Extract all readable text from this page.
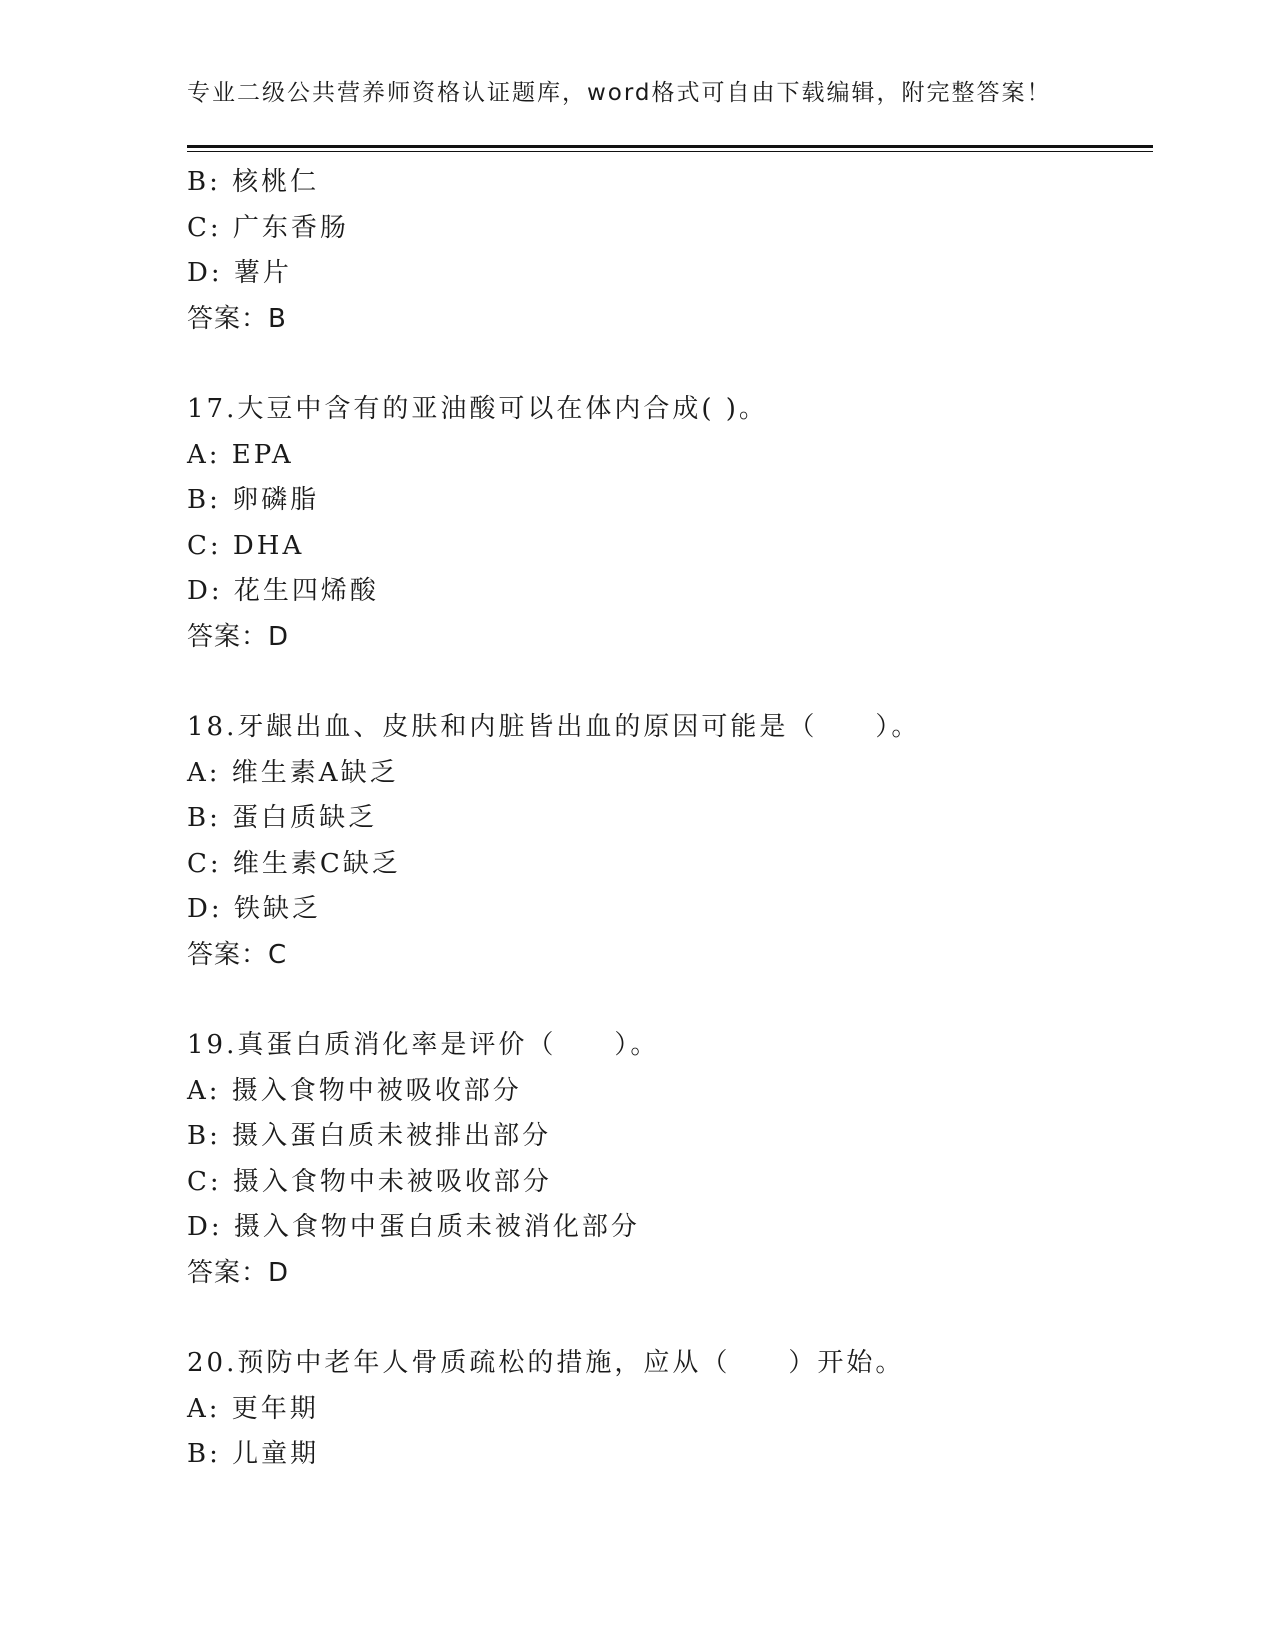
专业二级公共营养师资格认证题库，word格式可自由下载编辑，附完整答案！
B: 核桃仁
C: 广东香肠
D: 薯片
答案：B
17.大豆中含有的亚油酸可以在体内合成( )。
A: EPA
B: 卵磷脂
C: DHA
D: 花生四烯酸
答案：D
18.牙龈出血、皮肤和内脏皆出血的原因可能是（　　）。
A: 维生素A缺乏
B: 蛋白质缺乏
C: 维生素C缺乏
D: 铁缺乏
答案：C
19.真蛋白质消化率是评价（　　）。
A: 摄入食物中被吸收部分
B: 摄入蛋白质未被排出部分
C: 摄入食物中未被吸收部分
D: 摄入食物中蛋白质未被消化部分
答案：D
20.预防中老年人骨质疏松的措施，应从（　　）开始。
A: 更年期
B: 儿童期
